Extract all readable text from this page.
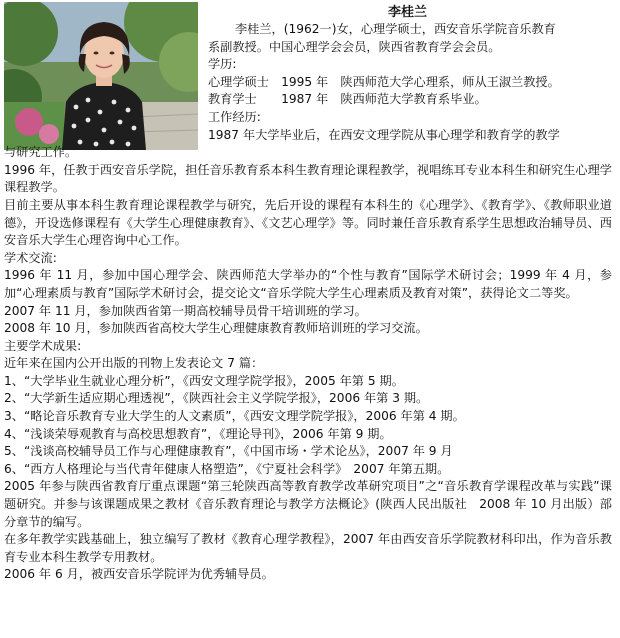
李桂兰
李桂兰，(1962一)女，心理学硕士，西安音乐学院音乐教育
系副教授。中国心理学会会员，陕西省教育学会会员。
学历:
心理学硕士　1995 年　陕西师范大学心理系，师从王淑兰教授。
教育学士　　1987 年　陕西师范大学教育系毕业。
工作经历:
1987 年大学毕业后，在西安文理学院从事心理学和教育学的教学
与研究工作。
1996 年，任教于西安音乐学院，担任音乐教育系本科生教育理论课程教学，视唱练耳专业本科生和研究生心理学课程教学。
目前主要从事本科生教育理论课程教学与研究，先后开设的课程有本科生的《心理学》、《教育学》、《教师职业道德》，开设选修课程有《大学生心理健康教育》、《文艺心理学》等。同时兼任音乐教育系学生思想政治辅导员、西安音乐大学生心理咨询中心工作。
学术交流:
1996 年 11 月，参加中国心理学会、陕西师范大学举办的“个性与教育”国际学术研讨会；1999 年 4 月，参加“心理素质与教育”国际学术研讨会，提交论文“音乐学院大学生心理素质及教育对策”，获得论文二等奖。
2007 年 11 月，参加陕西省第一期高校辅导员骨干培训班的学习。
2008 年 10 月，参加陕西省高校大学生心理健康教育教师培训班的学习交流。
主要学术成果:
近年来在国内公开出版的刊物上发表论文 7 篇：
1、“大学毕业生就业心理分析”，《西安文理学院学报》，2005 年第 5 期。
2、“大学新生适应期心理透视”，《陕西社会主义学院学报》，2006 年第 3 期。
3、“略论音乐教育专业大学生的人文素质”，《西安文理学院学报》，2006 年第 4 期。
4、“浅谈荣辱观教育与高校思想教育”，《理论导刊》，2006 年第 9 期。
5、“浅谈高校辅导员工作与心理健康教育”，《中国市场・学术论丛》，2007 年 9 月
6、“西方人格理论与当代青年健康人格塑造”，《宁夏社会科学》　2007 年第五期。
2005 年参与陕西省教育厅重点课题“第三轮陕西高等教育教学改革研究项目”之“音乐教育学课程改革与实践”课题研究。并参与该课题成果之教材《音乐教育理论与教学方法概论》(陕西人民出版社　2008 年 10 月出版）部分章节的编写。
在多年教学实践基础上，独立编写了教材《教育心理学教程》，2007 年由西安音乐学院教材科印出，作为音乐教育专业本科生教学专用教材。
2006 年 6 月，被西安音乐学院评为优秀辅导员。
